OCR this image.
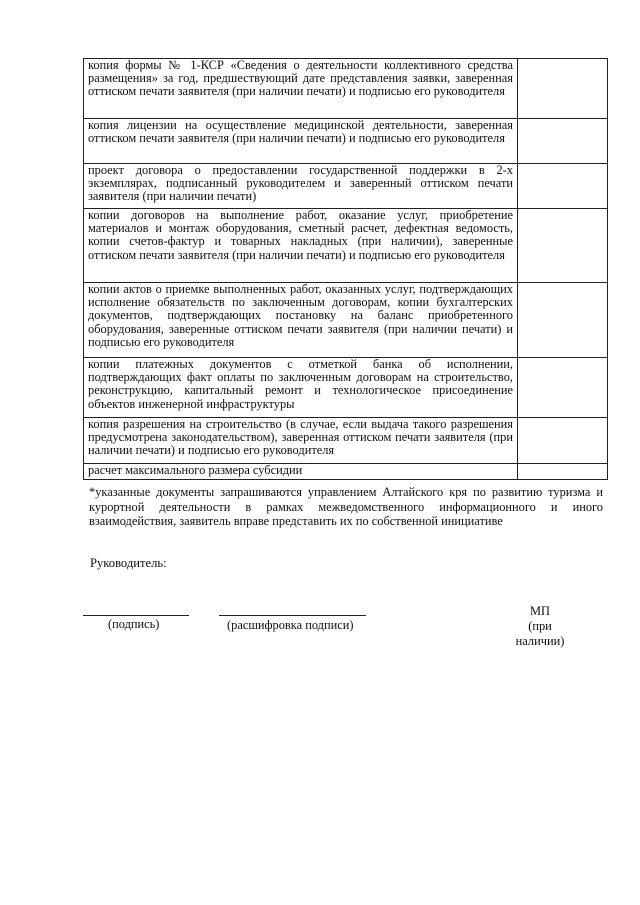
копия формы № 1-КСР «Сведения о деятельности коллективного средства размещения» за год, предшествующий дате представления заявки, заверенная оттиском печати заявителя (при наличии печати) и подписью его руководителя	
копия лицензии на осуществление медицинской деятельности, заверенная оттиском печати заявителя (при наличии печати) и подписью его руководителя	
проект договора о предоставлении государственной поддержки в 2-х экземплярах, подписанный руководителем и заверенный оттиском печати заявителя (при наличии печати)	
копии договоров на выполнение работ, оказание услуг, приобретение материалов и монтаж оборудования, сметный расчет, дефектная ведомость, копии счетов-фактур и товарных накладных (при наличии), заверенные оттиском печати заявителя (при наличии печати) и подписью его руководителя	
копии актов о приемке выполненных работ, оказанных услуг, подтверждающих исполнение обязательств по заключенным договорам, копии бухгалтерских документов, подтверждающих постановку на баланс приобретенного оборудования, заверенные оттиском печати заявителя (при наличии печати) и подписью его руководителя	
копии платежных документов с отметкой банка об исполнении, подтверждающих факт оплаты по заключенным договорам на строительство, реконструкцию, капитальный ремонт и технологическое присоединение объектов инженерной инфраструктуры	
копия разрешения на строительство (в случае, если выдача такого разрешения предусмотрена законодательством), заверенная оттиском печати заявителя (при наличии печати) и подписью его руководителя	
расчет максимального размера субсидии	

*указанные документы запрашиваются управлением Алтайского кря по развитию туризма и курортной деятельности в рамках межведомственного информационного и иного взаимодействия, заявитель вправе представить их по собственной инициативе

Руководитель:

(подпись)	(расшифровка подписи)

МП
(при
наличии)
